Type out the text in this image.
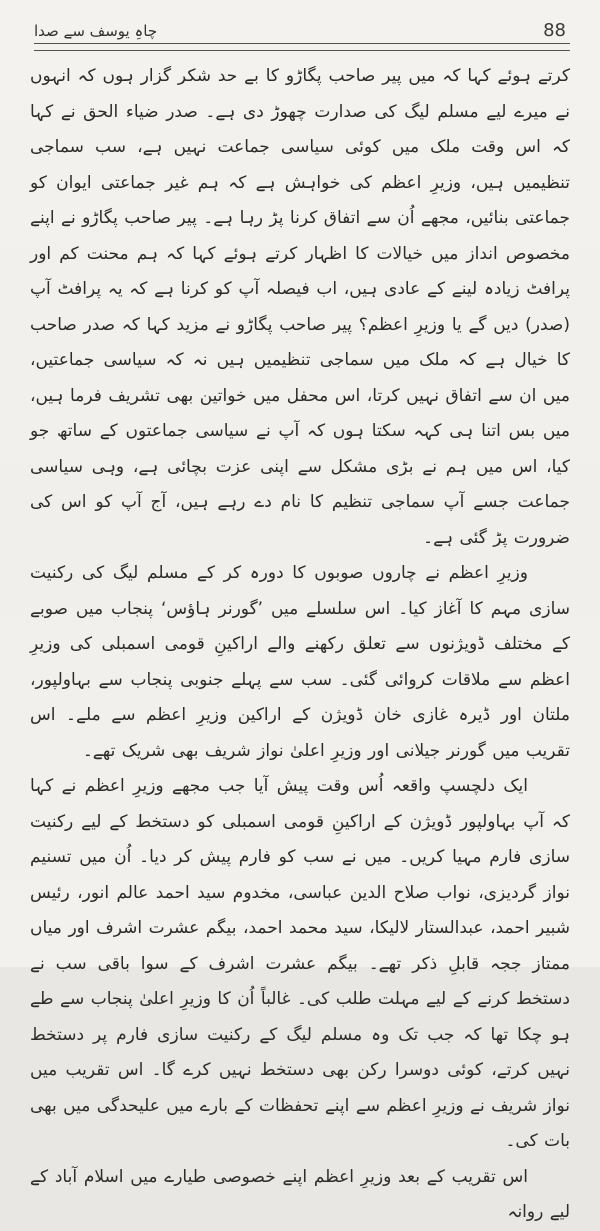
چاہِ یوسف سے صدا	88

کرتے ہوئے کہا کہ میں پیر صاحب پگاڑو کا بے حد شکر گزار ہوں کہ انہوں نے میرے لیے مسلم لیگ کی صدارت چھوڑ دی ہے۔ صدر ضیاء الحق نے کہا کہ اس وقت ملک میں کوئی سیاسی جماعت نہیں ہے، سب سماجی تنظیمیں ہیں، وزیرِ اعظم کی خواہش ہے کہ ہم غیر جماعتی ایوان کو جماعتی بنائیں، مجھے اُن سے اتفاق کرنا پڑ رہا ہے۔ پیر صاحب پگاڑو نے اپنے مخصوص انداز میں خیالات کا اظہار کرتے ہوئے کہا کہ ہم محنت کم اور پرافٹ زیادہ لینے کے عادی ہیں، اب فیصلہ آپ کو کرنا ہے کہ یہ پرافٹ آپ (صدر) دیں گے یا وزیرِ اعظم؟ پیر صاحب پگاڑو نے مزید کہا کہ صدر صاحب کا خیال ہے کہ ملک میں سماجی تنظیمیں ہیں نہ کہ سیاسی جماعتیں، میں ان سے اتفاق نہیں کرتا، اس محفل میں خواتین بھی تشریف فرما ہیں، میں بس اتنا ہی کہہ سکتا ہوں کہ آپ نے سیاسی جماعتوں کے ساتھ جو کیا، اس میں ہم نے بڑی مشکل سے اپنی عزت بچائی ہے، وہی سیاسی جماعت جسے آپ سماجی تنظیم کا نام دے رہے ہیں، آج آپ کو اس کی ضرورت پڑ گئی ہے۔

وزیرِ اعظم نے چاروں صوبوں کا دورہ کر کے مسلم لیگ کی رکنیت سازی مہم کا آغاز کیا۔ اس سلسلے میں ’گورنر ہاؤس‘ پنجاب میں صوبے کے مختلف ڈویژنوں سے تعلق رکھنے والے اراکینِ قومی اسمبلی کی وزیرِ اعظم سے ملاقات کروائی گئی۔ سب سے پہلے جنوبی پنجاب سے بہاولپور، ملتان اور ڈیرہ غازی خان ڈویژن کے اراکین وزیرِ اعظم سے ملے۔ اس تقریب میں گورنر جیلانی اور وزیرِ اعلیٰ نواز شریف بھی شریک تھے۔

ایک دلچسپ واقعہ اُس وقت پیش آیا جب مجھے وزیرِ اعظم نے کہا کہ آپ بہاولپور ڈویژن کے اراکینِ قومی اسمبلی کو دستخط کے لیے رکنیت سازی فارم مہیا کریں۔ میں نے سب کو فارم پیش کر دیا۔ اُن میں تسنیم نواز گردیزی، نواب صلاح الدین عباسی، مخدوم سید احمد عالم انور، رئیس شبیر احمد، عبدالستار لالیکا، سید محمد احمد، بیگم عشرت اشرف اور میاں ممتاز ججہ قابلِ ذکر تھے۔ بیگم عشرت اشرف کے سوا باقی سب نے دستخط کرنے کے لیے مہلت طلب کی۔ غالباً اُن کا وزیرِ اعلیٰ پنجاب سے طے ہو چکا تھا کہ جب تک وہ مسلم لیگ کے رکنیت سازی فارم پر دستخط نہیں کرتے، کوئی دوسرا رکن بھی دستخط نہیں کرے گا۔ اس تقریب میں نواز شریف نے وزیرِ اعظم سے اپنے تحفظات کے بارے میں علیحدگی میں بھی بات کی۔

اس تقریب کے بعد وزیرِ اعظم اپنے خصوصی طیارے میں اسلام آباد کے لیے روانہ
